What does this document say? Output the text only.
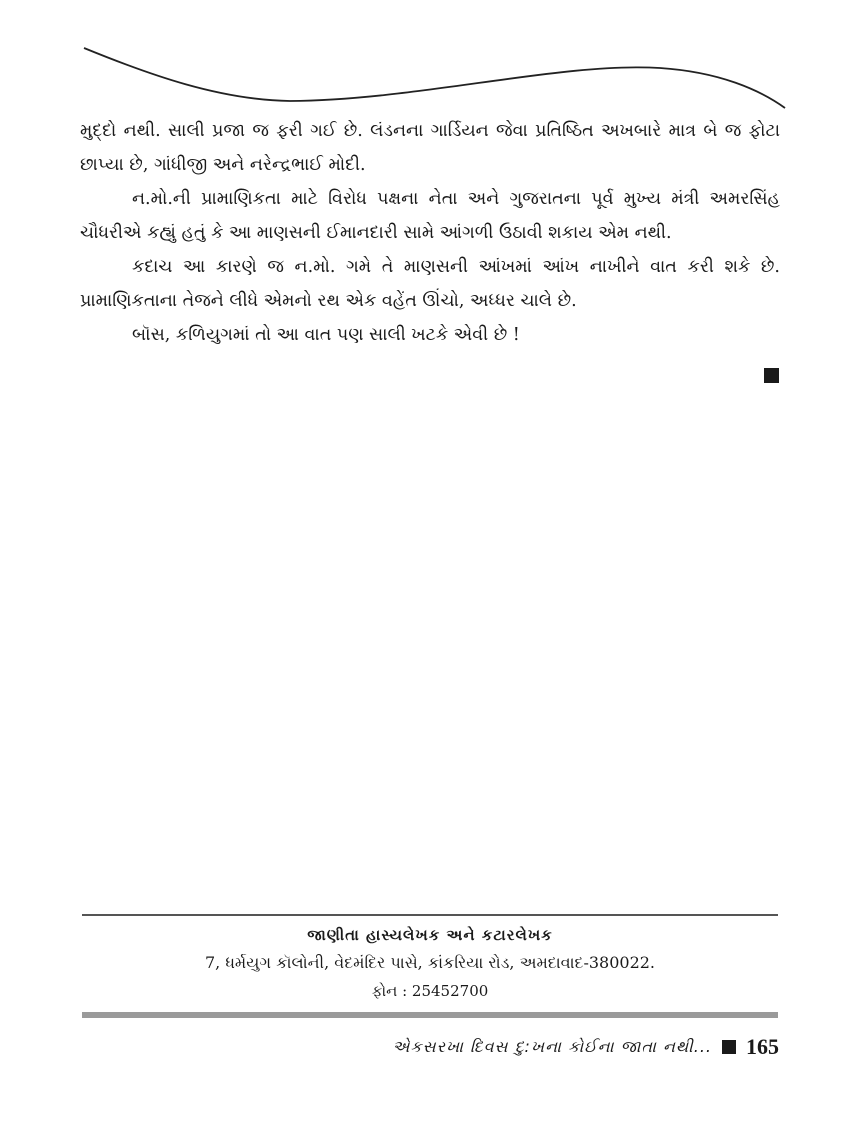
મુદ્દો નથી. સાલી પ્રજા જ ફરી ગઈ છે. લંડનના ગાર્ડિયન જેવા પ્રતિષ્ઠિત અખબારે માત્ર બે જ ફોટા છાપ્યા છે, ગાંધીજી અને નરેન્દ્રભાઈ મોદી.

ન.મો.ની પ્રામાણિકતા માટે વિરોધ પક્ષના નેતા અને ગુજરાતના પૂર્વ મુખ્ય મંત્રી અમરસિંહ ચૌધરીએ કહ્યું હતું કે આ માણસની ઈમાનદારી સામે આંગળી ઉઠાવી શકાય એમ નથી.

કદાચ આ કારણે જ ન.મો. ગમે તે માણસની આંખમાં આંખ નાખીને વાત કરી શકે છે. પ્રામાણિકતાના તેજને લીધે એમનો રથ એક વહેંત ઊંચો, અધ્ધર ચાલે છે.

બૉસ, કળિયુગમાં તો આ વાત પણ સાલી ખટકે એવી છે !

જાણીતા હાસ્યલેખક અને કટારલેખક
7, ધર્મયુગ કૉલોની, વેદમંદિર પાસે, કાંકરિયા રોડ, અમદાવાદ-380022.
ફોન : 25452700
એકસરખા દિવસ દુ:ખના કોઈના જાતા નથી... 165
